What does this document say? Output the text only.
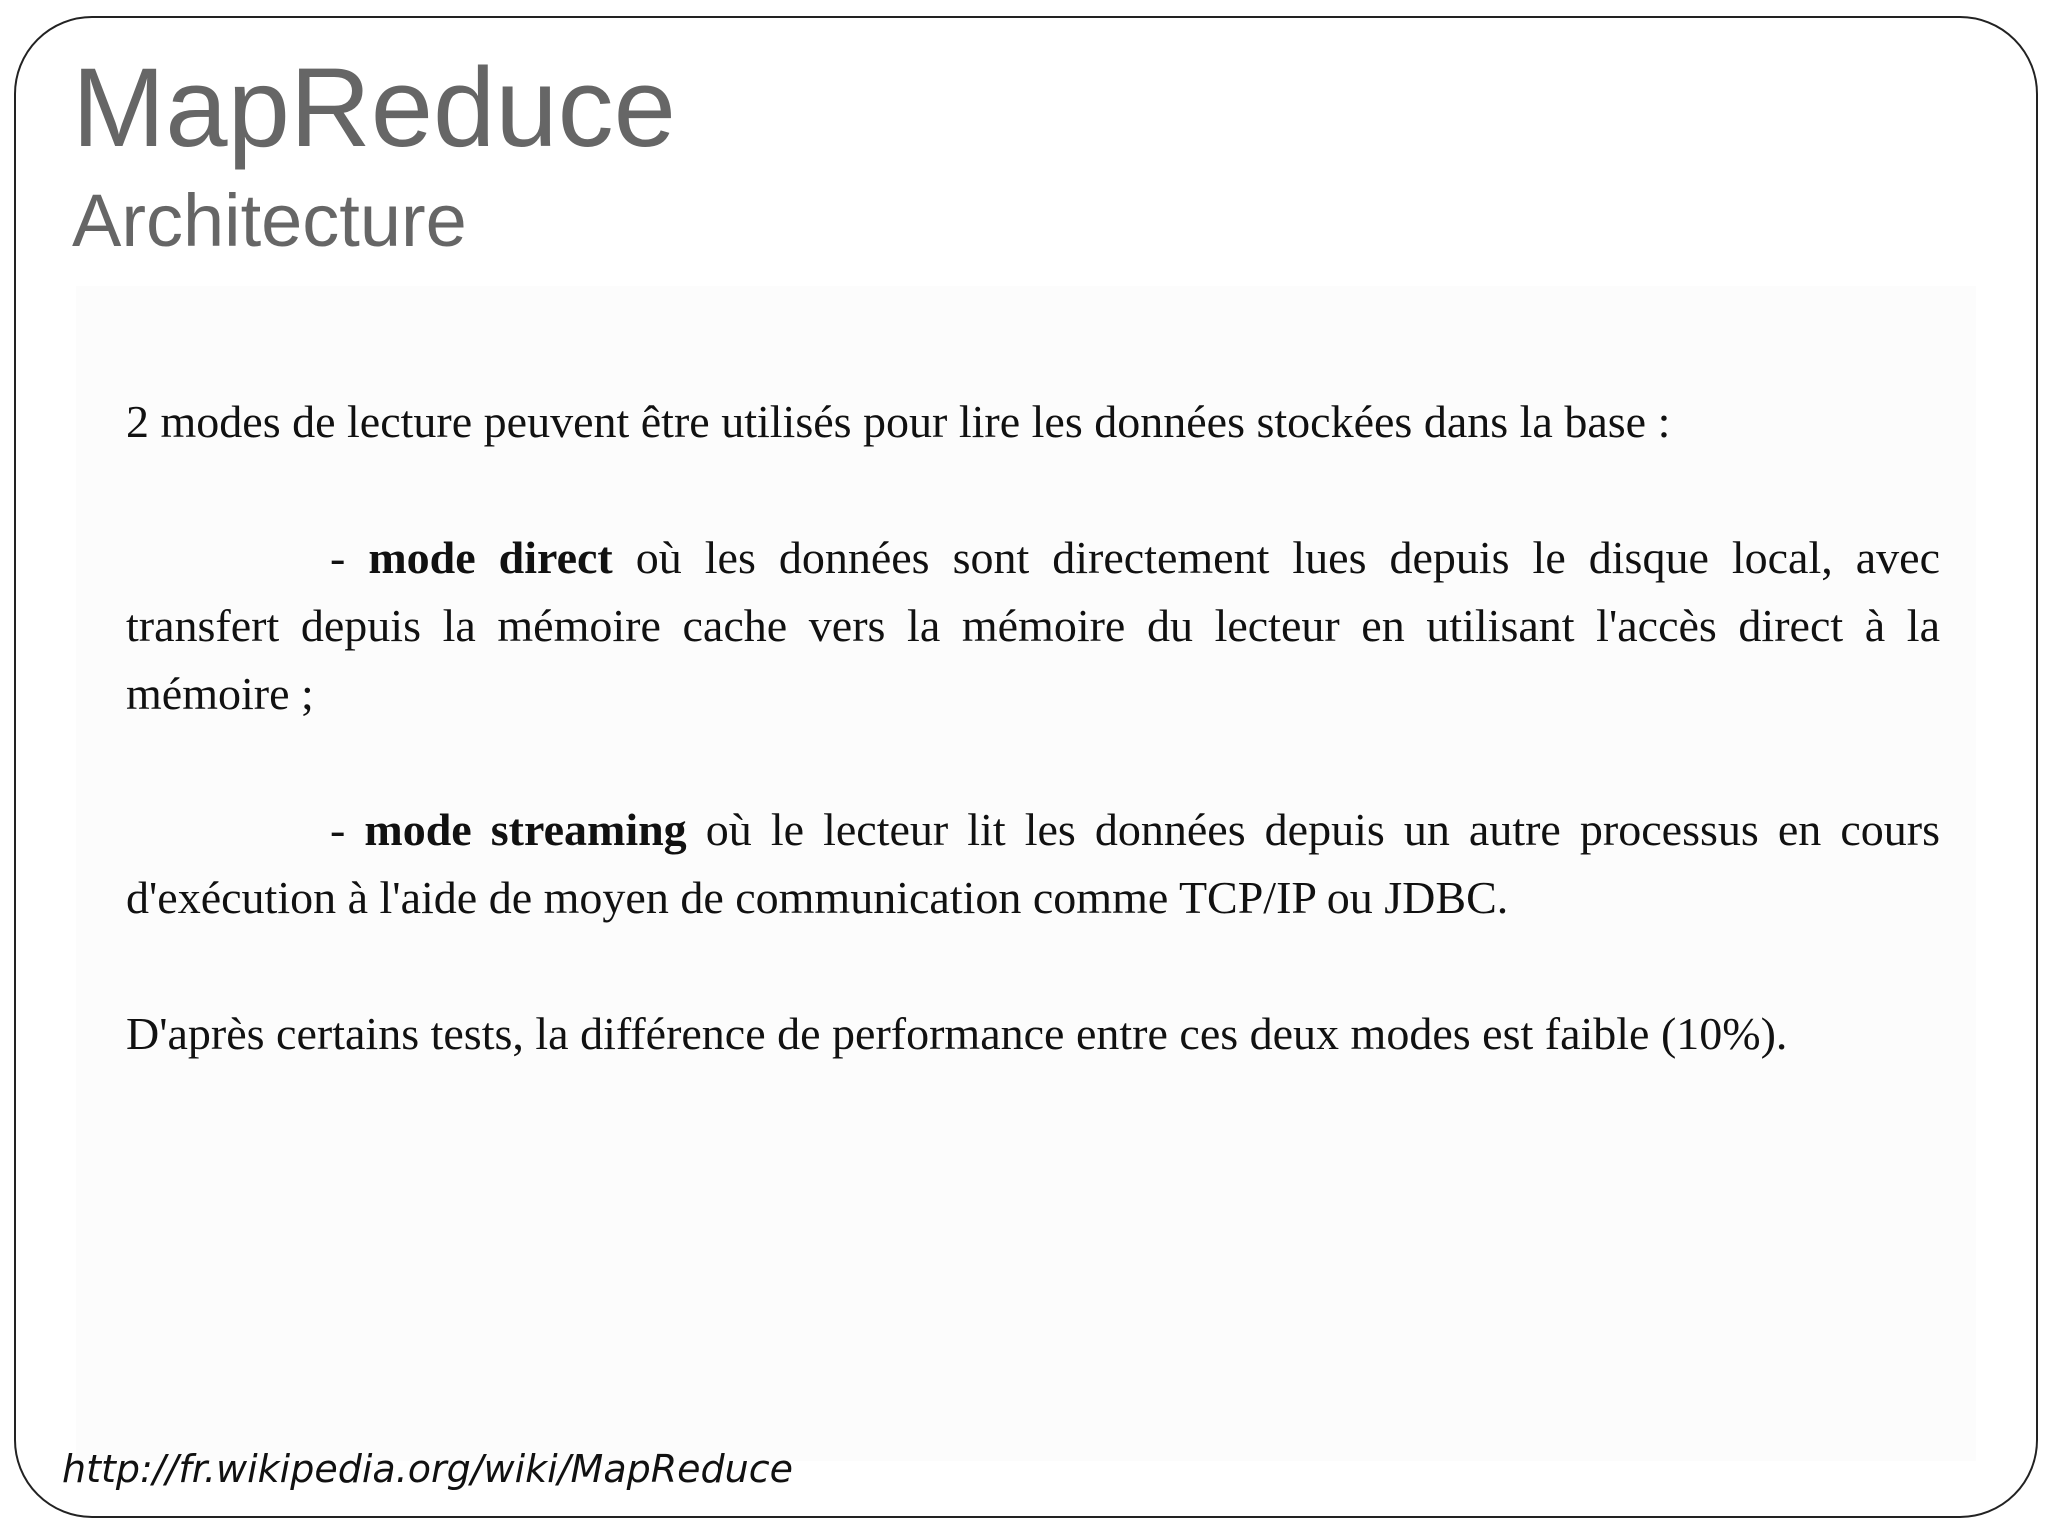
MapReduce
Architecture

2 modes de lecture peuvent être utilisés pour lire les données stockées dans la base :

- mode direct où les données sont directement lues depuis le disque local, avec transfert depuis la mémoire cache vers la mémoire du lecteur en utilisant l'accès direct à la mémoire ;

- mode streaming où le lecteur lit les données depuis un autre processus en cours d'exécution à l'aide de moyen de communication comme TCP/IP ou JDBC.

D'après certains tests, la différence de performance entre ces deux modes est faible (10%).

http://fr.wikipedia.org/wiki/MapReduce
